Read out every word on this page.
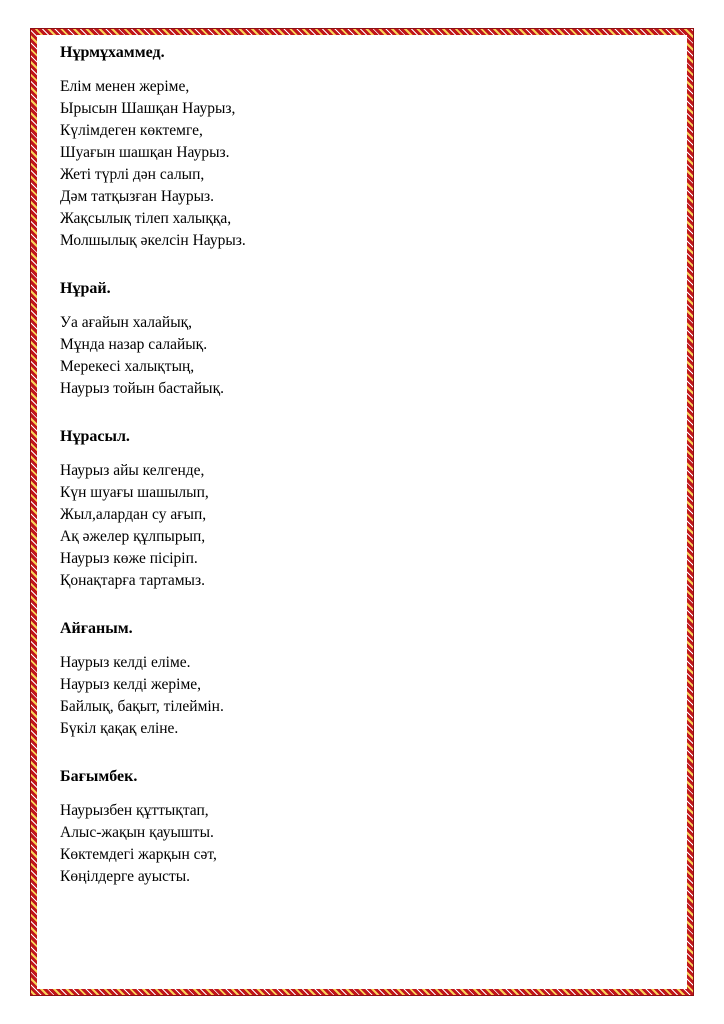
Нұрмұхаммед.
Елім менен жеріме,
Ырысын Шашқан Наурыз,
Күлімдеген көктемге,
Шуағын шашқан Наурыз.
Жеті түрлі дән салып,
Дәм татқызған Наурыз.
Жақсылық тілеп халыққа,
Молшылық әкелсін Наурыз.
Нұрай.
Уа ағайын халайық,
Мұнда назар салайық.
Мерекесі халықтың,
Наурыз тойын бастайық.
Нұрасыл.
Наурыз айы келгенде,
Күн шуағы шашылып,
Жыл,алардан су ағып,
Ақ әжелер құлпырып,
Наурыз көже пісіріп.
Қонақтарға тартамыз.
Айғаным.
Наурыз келді еліме.
Наурыз келді жеріме,
Байлық, бақыт, тілеймін.
Бүкіл қақақ еліне.
Бағымбек.
Наурызбен құттықтап,
Алыс-жақын қауышты.
Көктемдегі жарқын сәт,
Көңілдерге ауысты.
